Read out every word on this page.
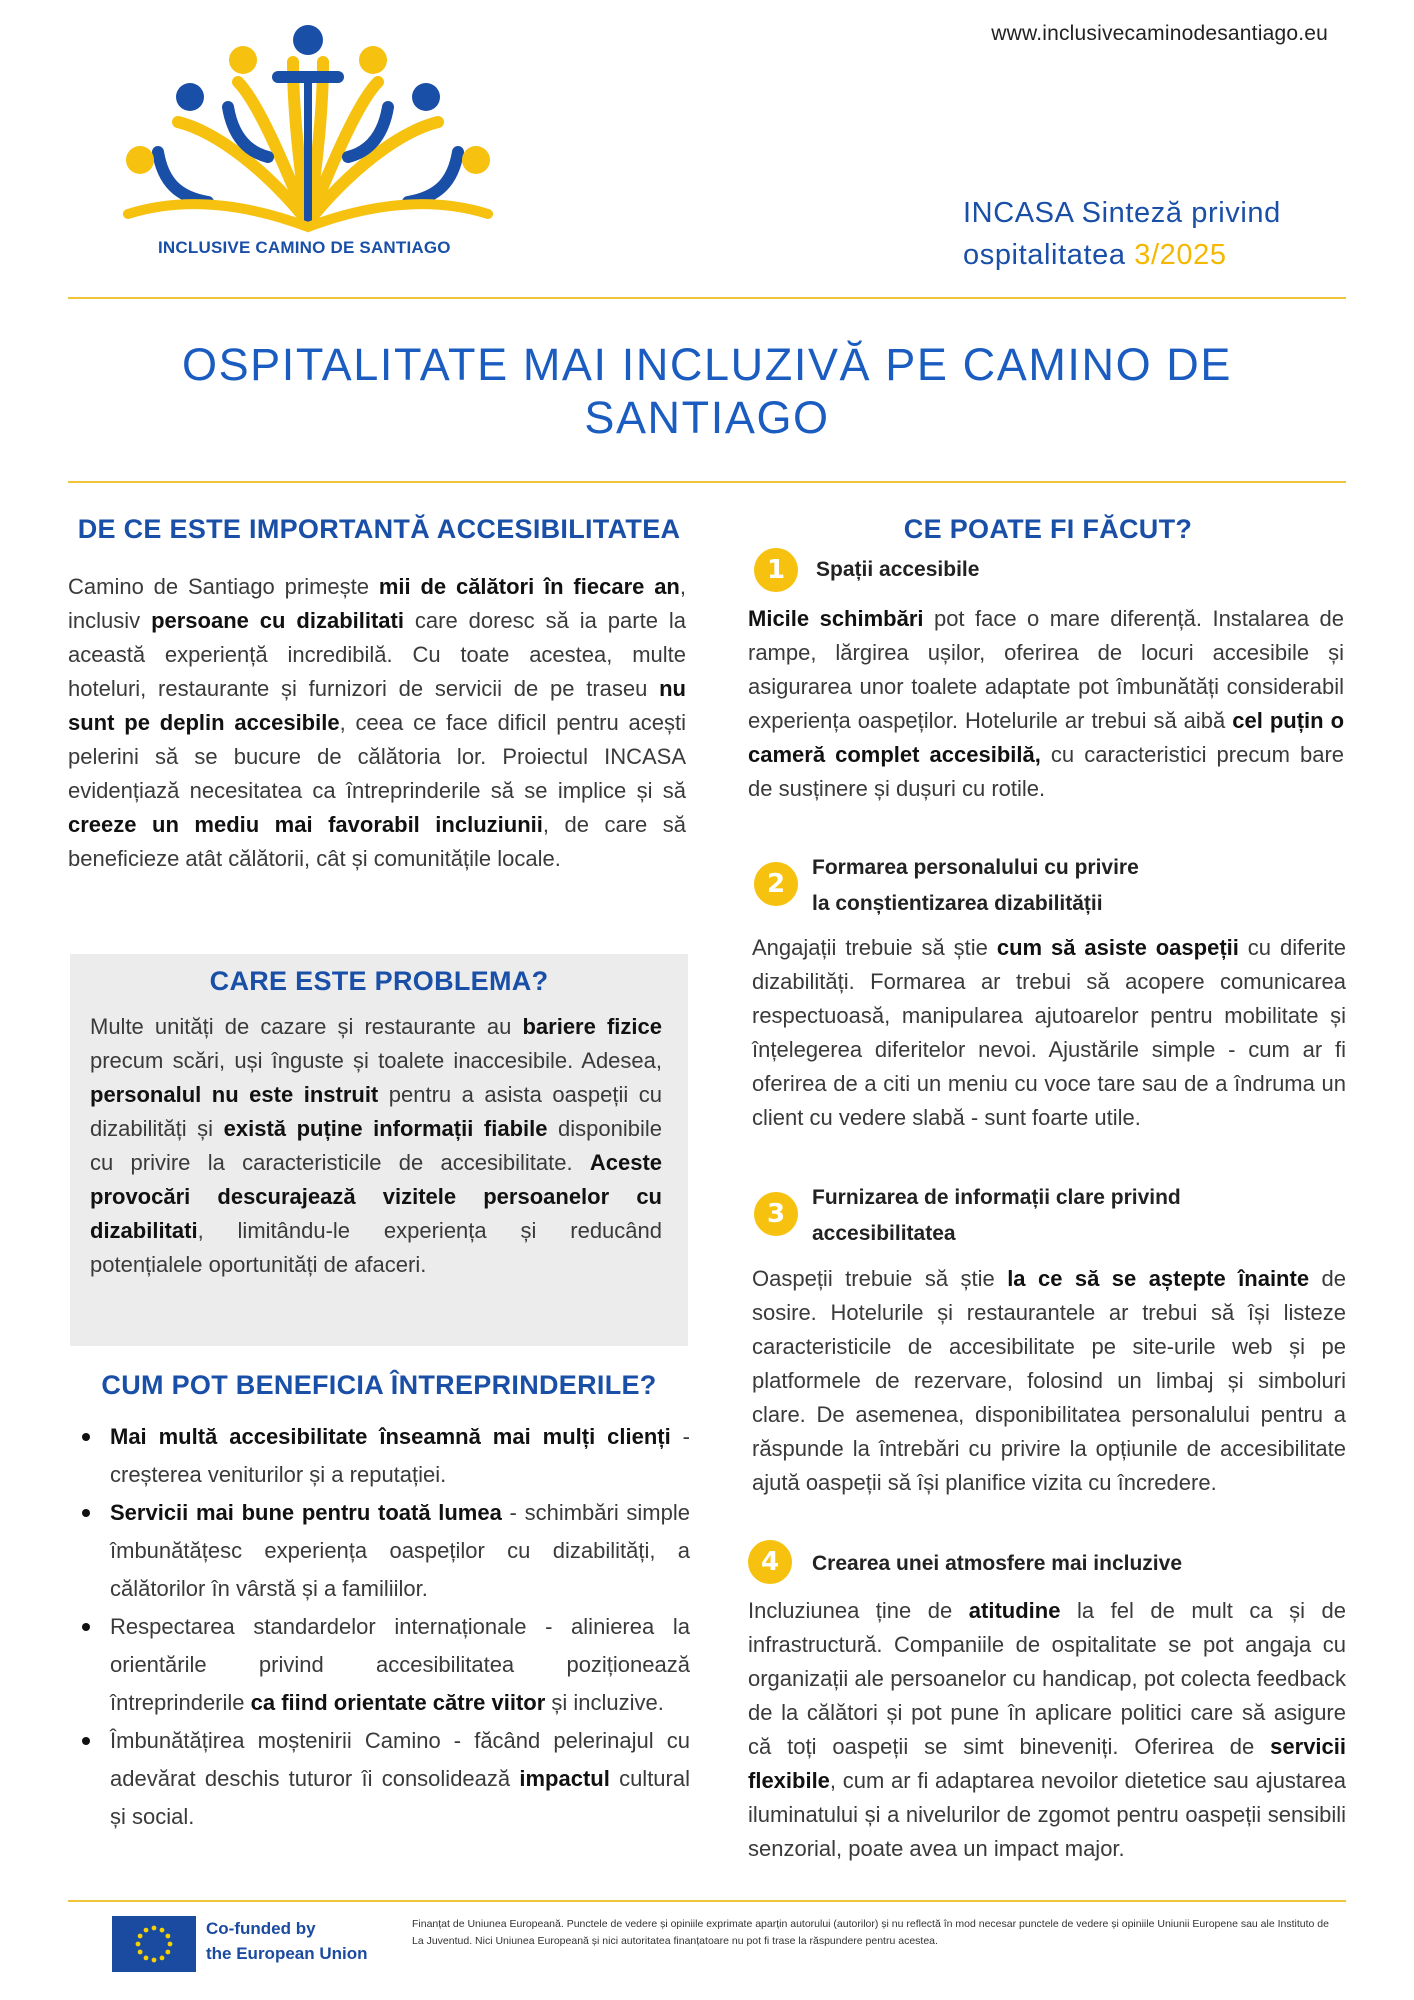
www.inclusivecaminodesantiago.eu
INCLUSIVE CAMINO DE SANTIAGO
INCASA Sinteză privind
ospitalitatea 3/2025
OSPITALITATE MAI INCLUZIVĂ PE CAMINO DE SANTIAGO
DE CE ESTE IMPORTANTĂ ACCESIBILITATEA
Camino de Santiago primește mii de călători în fiecare an, inclusiv persoane cu dizabilitati care doresc să ia parte la această experiență incredibilă. Cu toate acestea, multe hoteluri, restaurante și furnizori de servicii de pe traseu nu sunt pe deplin accesibile, ceea ce face dificil pentru acești pelerini să se bucure de călătoria lor. Proiectul INCASA evidențiază necesitatea ca întreprinderile să se implice și să creeze un mediu mai favorabil incluziunii, de care să beneficieze atât călătorii, cât și comunitățile locale.
CARE ESTE PROBLEMA?
Multe unități de cazare și restaurante au bariere fizice precum scări, uși înguste și toalete inaccesibile. Adesea, personalul nu este instruit pentru a asista oaspeții cu dizabilități și există puține informații fiabile disponibile cu privire la caracteristicile de accesibilitate. Aceste provocări descurajează vizitele persoanelor cu dizabilitati, limitându-le experiența și reducând potențialele oportunități de afaceri.
CUM POT BENEFICIA ÎNTREPRINDERILE?
Mai multă accesibilitate înseamnă mai mulți clienți - creșterea veniturilor și a reputației.
Servicii mai bune pentru toată lumea - schimbări simple îmbunătățesc experiența oaspeților cu dizabilități, a călătorilor în vârstă și a familiilor.
Respectarea standardelor internaționale - alinierea la orientările privind accesibilitatea poziționează întreprinderile ca fiind orientate către viitor și incluzive.
Îmbunătățirea moștenirii Camino - făcând pelerinajul cu adevărat deschis tuturor îi consolidează impactul cultural și social.
CE POATE FI FĂCUT?
1	Spații accesibile
Micile schimbări pot face o mare diferență. Instalarea de rampe, lărgirea ușilor, oferirea de locuri accesibile și asigurarea unor toalete adaptate pot îmbunătăți considerabil experiența oaspeților. Hotelurile ar trebui să aibă cel puțin o cameră complet accesibilă, cu caracteristici precum bare de susținere și dușuri cu rotile.
2
Formarea personalului cu privire la conștientizarea dizabilității
Angajații trebuie să știe cum să asiste oaspeții cu diferite dizabilități. Formarea ar trebui să acopere comunicarea respectuoasă, manipularea ajutoarelor pentru mobilitate și înțelegerea diferitelor nevoi. Ajustările simple - cum ar fi oferirea de a citi un meniu cu voce tare sau de a îndruma un client cu vedere slabă - sunt foarte utile.
3
Furnizarea de informații clare privind accesibilitatea
Oaspeții trebuie să știe la ce să se aștepte înainte de sosire. Hotelurile și restaurantele ar trebui să își listeze caracteristicile de accesibilitate pe site-urile web și pe platformele de rezervare, folosind un limbaj și simboluri clare. De asemenea, disponibilitatea personalului pentru a răspunde la întrebări cu privire la opțiunile de accesibilitate ajută oaspeții să își planifice vizita cu încredere.
4	Crearea unei atmosfere mai incluzive
Incluziunea ține de atitudine la fel de mult ca și de infrastructură. Companiile de ospitalitate se pot angaja cu organizații ale persoanelor cu handicap, pot colecta feedback de la călători și pot pune în aplicare politici care să asigure că toți oaspeții se simt bineveniți. Oferirea de servicii flexibile, cum ar fi adaptarea nevoilor dietetice sau ajustarea iluminatului și a nivelurilor de zgomot pentru oaspeții sensibili senzorial, poate avea un impact major.
Co-funded by
the European Union
Finanțat de Uniunea Europeană. Punctele de vedere și opiniile exprimate aparțin autorului (autorilor) și nu reflectă în mod necesar punctele de vedere și opiniile Uniunii Europene sau ale Instituto de La Juventud. Nici Uniunea Europeană și nici autoritatea finanțatoare nu pot fi trase la răspundere pentru acestea.
